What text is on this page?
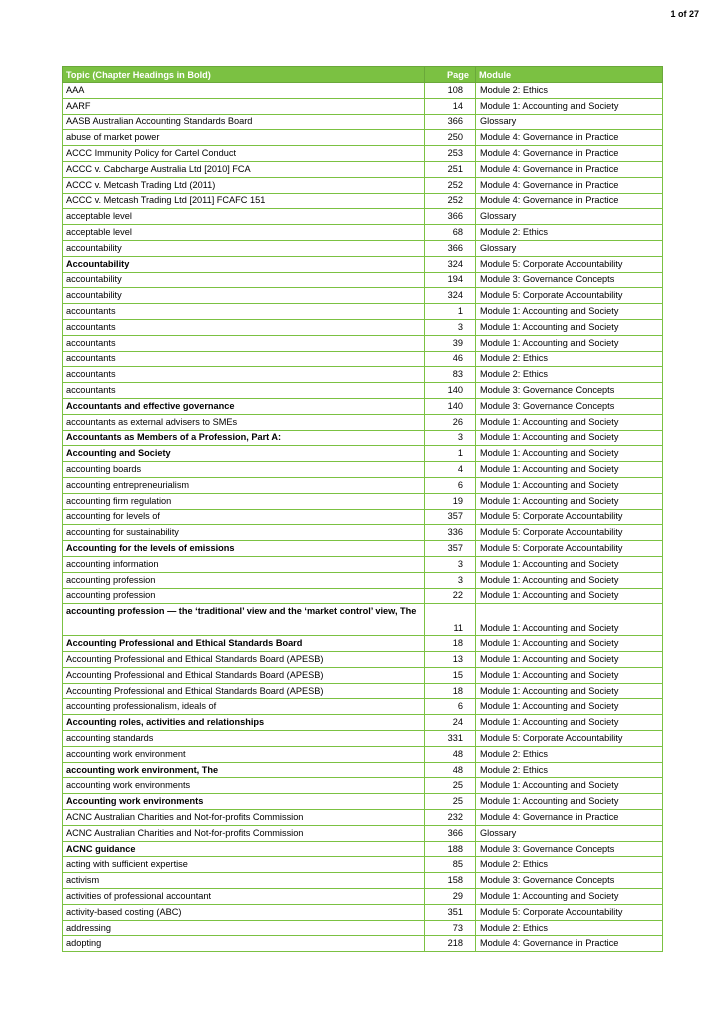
1 of 27
Topic (Chapter Headings in Bold)	Page	Module
AAA	108	Module 2: Ethics
AARF	14	Module 1: Accounting and Society
AASB Australian Accounting Standards Board	366	Glossary
abuse of market power	250	Module 4: Governance in Practice
ACCC Immunity Policy for Cartel Conduct	253	Module 4: Governance in Practice
ACCC v. Cabcharge Australia Ltd [2010] FCA	251	Module 4: Governance in Practice
ACCC v. Metcash Trading Ltd (2011)	252	Module 4: Governance in Practice
ACCC v. Metcash Trading Ltd [2011] FCAFC 151	252	Module 4: Governance in Practice
acceptable level	366	Glossary
acceptable level	68	Module 2: Ethics
accountability	366	Glossary
Accountability	324	Module 5: Corporate Accountability
accountability	194	Module 3: Governance Concepts
accountability	324	Module 5: Corporate Accountability
accountants	1	Module 1: Accounting and Society
accountants	3	Module 1: Accounting and Society
accountants	39	Module 1: Accounting and Society
accountants	46	Module 2: Ethics
accountants	83	Module 2: Ethics
accountants	140	Module 3: Governance Concepts
Accountants and effective governance	140	Module 3: Governance Concepts
accountants as external advisers to SMEs	26	Module 1: Accounting and Society
Accountants as Members of a Profession, Part A:	3	Module 1: Accounting and Society
Accounting and Society	1	Module 1: Accounting and Society
accounting boards	4	Module 1: Accounting and Society
accounting entrepreneurialism	6	Module 1: Accounting and Society
accounting firm regulation	19	Module 1: Accounting and Society
accounting for levels of	357	Module 5: Corporate Accountability
accounting for sustainability	336	Module 5: Corporate Accountability
Accounting for the levels of emissions	357	Module 5: Corporate Accountability
accounting information	3	Module 1: Accounting and Society
accounting profession	3	Module 1: Accounting and Society
accounting profession	22	Module 1: Accounting and Society
accounting profession — the ‘traditional’ view and the ‘market control’ view, The	11	Module 1: Accounting and Society
Accounting Professional and Ethical Standards Board	18	Module 1: Accounting and Society
Accounting Professional and Ethical Standards Board (APESB)	13	Module 1: Accounting and Society
Accounting Professional and Ethical Standards Board (APESB)	15	Module 1: Accounting and Society
Accounting Professional and Ethical Standards Board (APESB)	18	Module 1: Accounting and Society
accounting professionalism, ideals of	6	Module 1: Accounting and Society
Accounting roles, activities and relationships	24	Module 1: Accounting and Society
accounting standards	331	Module 5: Corporate Accountability
accounting work environment	48	Module 2: Ethics
accounting work environment, The	48	Module 2: Ethics
accounting work environments	25	Module 1: Accounting and Society
Accounting work environments	25	Module 1: Accounting and Society
ACNC Australian Charities and Not-for-profits Commission	232	Module 4: Governance in Practice
ACNC Australian Charities and Not-for-profits Commission	366	Glossary
ACNC guidance	188	Module 3: Governance Concepts
acting with sufficient expertise	85	Module 2: Ethics
activism	158	Module 3: Governance Concepts
activities of professional accountant	29	Module 1: Accounting and Society
activity-based costing (ABC)	351	Module 5: Corporate Accountability
addressing	73	Module 2: Ethics
adopting	218	Module 4: Governance in Practice
